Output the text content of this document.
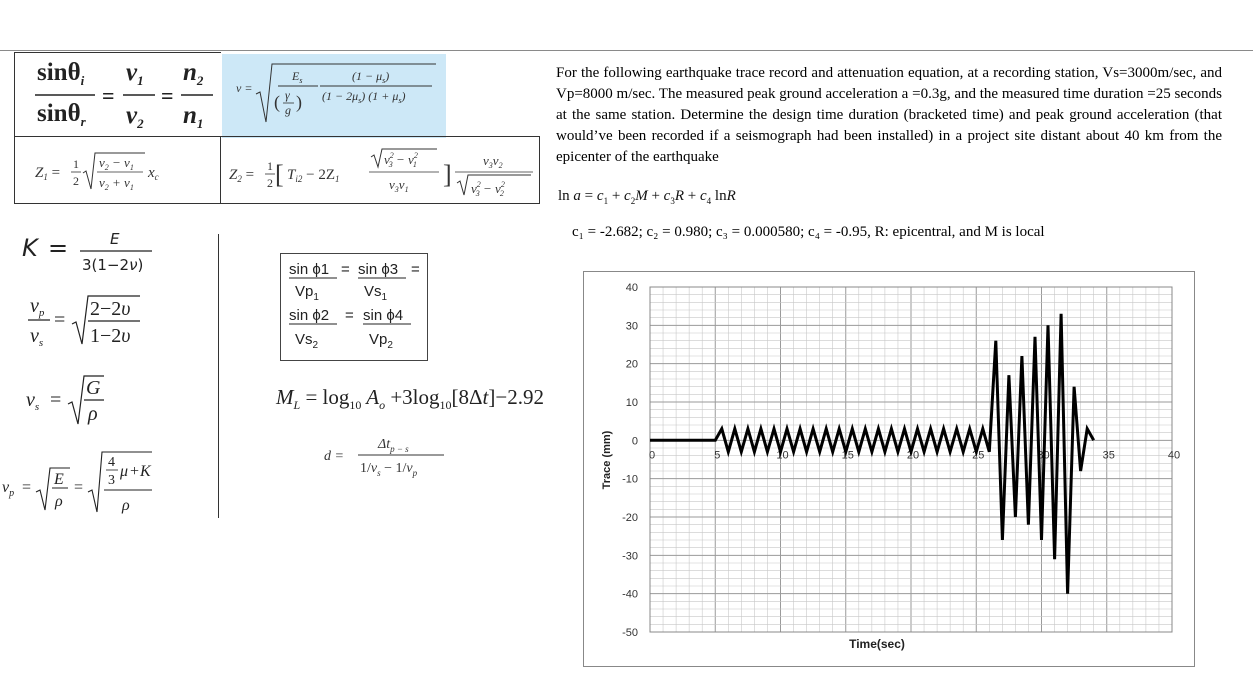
sinθ$_i$
sinθ$_r$
=
$v_1$
$v_2$
=
$n_2$
$n_1$
v =
$E_s$
( γ
g )
$(1 - \mu_s)$
$(1 - 2\mu_s)$ $(1 + \mu_s)$
$Z_1$ =
1
2
$v_2 - v_1$
$v_2 + v_1$
$x_c$	$Z_2$ =
1
2 [ $T_{i2} - 2Z_1$
$v^2$ $3 - v^2$ 1
$v_3v_1$
] $v_3v_2$
$v^2$ $3 - v^2$ 2
K =	E
3(1−2ν)
$v_p$
$v_s$
= 2−2υ
1−2υ
$v_s$ =
G
ρ
$v_p = E$
ρ
=
4
3
μ + K
ρ
sin ϕ1 = sin ϕ3 =
$Vp_1$	$Vs_1$
sin ϕ2 = sin ϕ4
$Vs_2$	$Vp_2$
$M_L = \log_{10} A_o +3\log_{10}[8\Delta t]-2.92$
d =
$\Delta t_{p - s}$
$1/v_s - 1/v_p$

For the following earthquake trace record and attenuation equation, at a recording station, Vs=3000m/sec, and Vp=8000 m/sec. The measured peak ground acceleration a =0.3g, and the measured time duration =25 seconds at the same station. Determine the design time duration (bracketed time) and peak ground acceleration (that would’ve been recorded if a seismograph had been installed) in a project site distant about 40 km from the epicenter of the earthquake

$\ln a = c_1 + c_2M + c_3R + c_4$ lnR
c₁ = -2.682; c₂ = 0.980; c₃ = 0.000580; c₄ = -0.95, R: epicentral, and M is local
40
30
20
10
0
-10
-20
-30
-40
-50
0	5	10	15	20	25	30	35	40
Time(sec)
Trace (mm)
